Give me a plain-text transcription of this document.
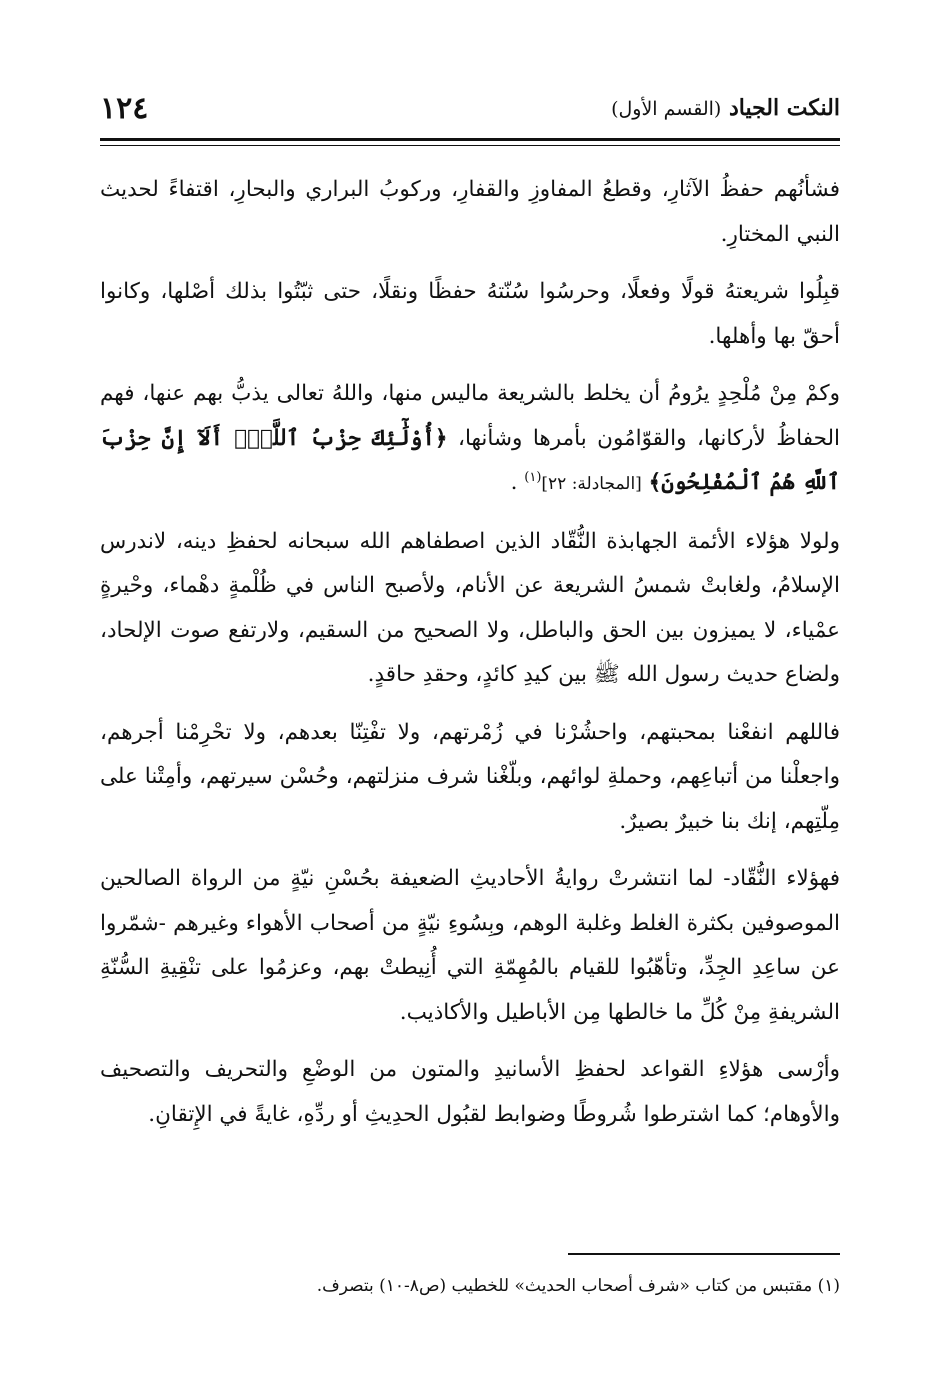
النكت الجياد (القسم الأول)
١٢٤

فشأنُهم حفظُ الآثارِ، وقطعُ المفاوزِ والقفارِ، وركوبُ البراري والبحارِ، اقتفاءً لحديث النبي المختارِ.

قبِلُوا شريعتهُ قولًا وفعلًا، وحرسُوا سُنّتهُ حفظًا ونقلًا، حتى ثبّتُوا بذلك أصْلها، وكانوا أحقّ بها وأهلها.

وكمْ مِنْ مُلْحِدٍ يرُومُ أن يخلط بالشريعة ماليس منها، واللهُ تعالى يذبُّ بهم عنها، فهم الحفاظُ لأركانها، والقوّامُون بأمرها وشأنها، ﴿أُوْلَٰٓئِكَ حِزْبُ ٱللَّهِۚ أَلَآ إِنَّ حِزْبَ ٱللَّهِ هُمُ ٱلْمُفْلِحُونَ﴾ [المجادلة: ٢٢]$^{(١)}$ .

ولولا هؤلاء الأئمة الجهابذة النُّقّاد الذين اصطفاهم الله سبحانه لحفظِ دينه، لاندرس الإسلامُ، ولغابتْ شمسُ الشريعة عن الأنام، ولأصبح الناس في ظُلْمةٍ دهْماء، وحْيرةٍ عمْياء، لا يميزون بين الحق والباطل، ولا الصحيح من السقيم، ولارتفع صوت الإلحاد، ولضاع حديث رسول الله ﷺ بين كيدِ كائدٍ، وحقدِ حاقدٍ.

فاللهم انفعْنا بمحبتهم، واحشُرْنا في زُمْرتهم، ولا تفْتِنّا بعدهم، ولا تحْرِمْنا أجرهم، واجعلْنا من أتباعِهم، وحملةِ لوائهم، وبلّغْنا شرف منزلتهم، وحُسْن سيرتهم، وأمِتْنا على مِلّتِهم، إنك بنا خبيرٌ بصيرٌ.

فهؤلاء النُّقّاد- لما انتشرتْ روايةُ الأحاديثِ الضعيفة بحُسْنِ نيّةٍ من الرواة الصالحين الموصوفين بكثرة الغلط وغلبة الوهم، وبِسُوءِ نيّةٍ من أصحاب الأهواء وغيرهم -شمّروا عن ساعِدِ الجِدِّ، وتأهّبُوا للقيام بالمُهِمّةِ التي أُنِيطتْ بهم، وعزمُوا على تنْقِيةِ السُّنّةِ الشريفةِ مِنْ كُلِّ ما خالطها مِن الأباطيل والأكاذيب.

وأرْسى هؤلاءِ القواعد لحفظِ الأسانيدِ والمتون من الوضْعِ والتحريف والتصحيف والأوهام؛ كما اشترطوا شُروطًا وضوابط لقبُول الحدِيثِ أو ردِّهِ، غايةً في الإِتقانِ.

(١) مقتبس من كتاب «شرف أصحاب الحديث» للخطيب (ص٨-١٠) بتصرف.
